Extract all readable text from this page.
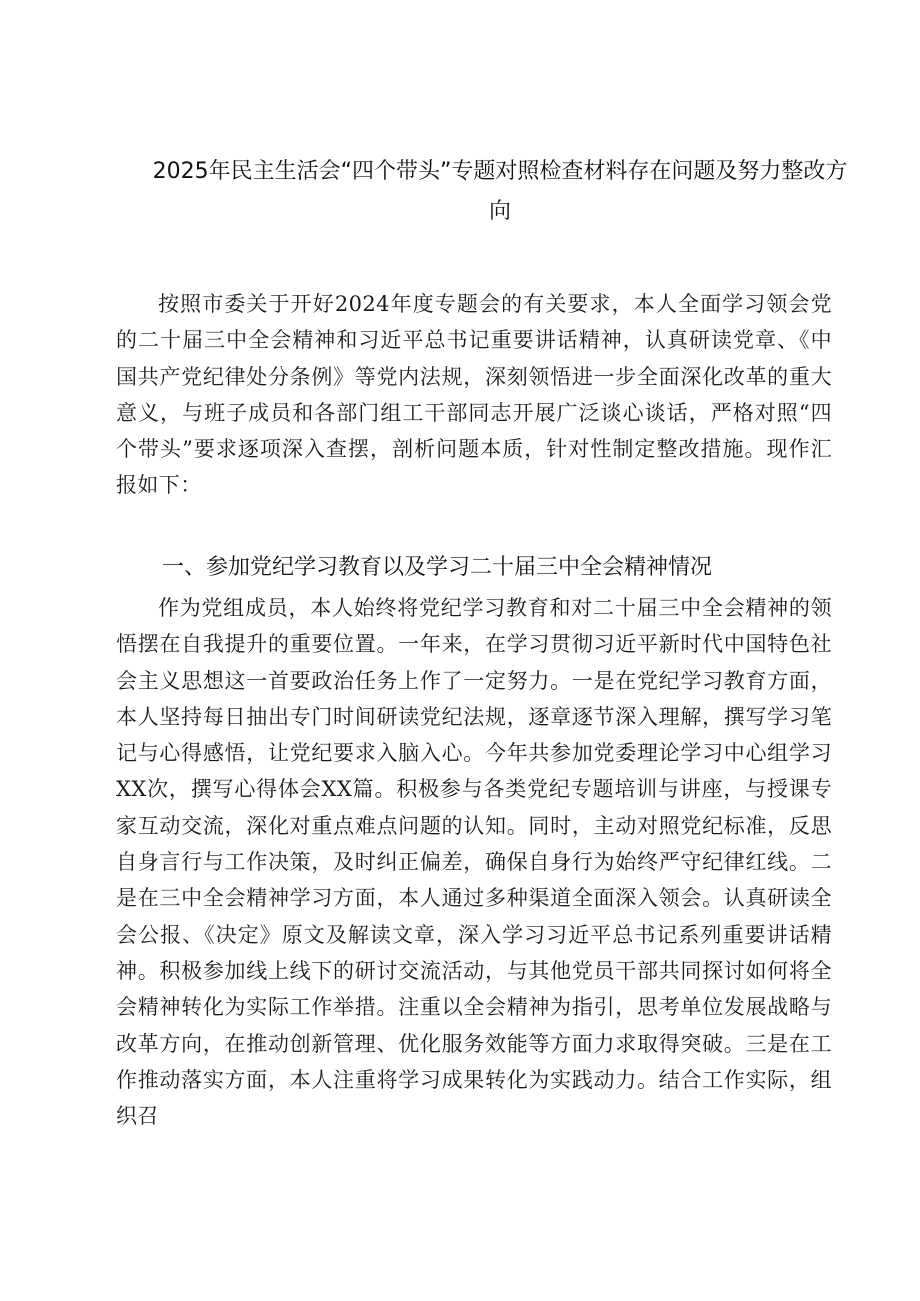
2025年民主生活会“四个带头”专题对照检查材料存在问题及努力整改方向

按照市委关于开好2024年度专题会的有关要求，本人全面学习领会党的二十届三中全会精神和习近平总书记重要讲话精神，认真研读党章、《中国共产党纪律处分条例》等党内法规，深刻领悟进一步全面深化改革的重大意义，与班子成员和各部门组工干部同志开展广泛谈心谈话，严格对照“四个带头”要求逐项深入查摆，剖析问题本质，针对性制定整改措施。现作汇报如下：

一、参加党纪学习教育以及学习二十届三中全会精神情况

作为党组成员，本人始终将党纪学习教育和对二十届三中全会精神的领悟摆在自我提升的重要位置。一年来，在学习贯彻习近平新时代中国特色社会主义思想这一首要政治任务上作了一定努力。一是在党纪学习教育方面，本人坚持每日抽出专门时间研读党纪法规，逐章逐节深入理解，撰写学习笔记与心得感悟，让党纪要求入脑入心。今年共参加党委理论学习中心组学习XX次，撰写心得体会XX篇。积极参与各类党纪专题培训与讲座，与授课专家互动交流，深化对重点难点问题的认知。同时，主动对照党纪标准，反思自身言行与工作决策，及时纠正偏差，确保自身行为始终严守纪律红线。二是在三中全会精神学习方面，本人通过多种渠道全面深入领会。认真研读全会公报、《决定》原文及解读文章，深入学习习近平总书记系列重要讲话精神。积极参加线上线下的研讨交流活动，与其他党员干部共同探讨如何将全会精神转化为实际工作举措。注重以全会精神为指引，思考单位发展战略与改革方向，在推动创新管理、优化服务效能等方面力求取得突破。三是在工作推动落实方面，本人注重将学习成果转化为实践动力。结合工作实际，组织召
